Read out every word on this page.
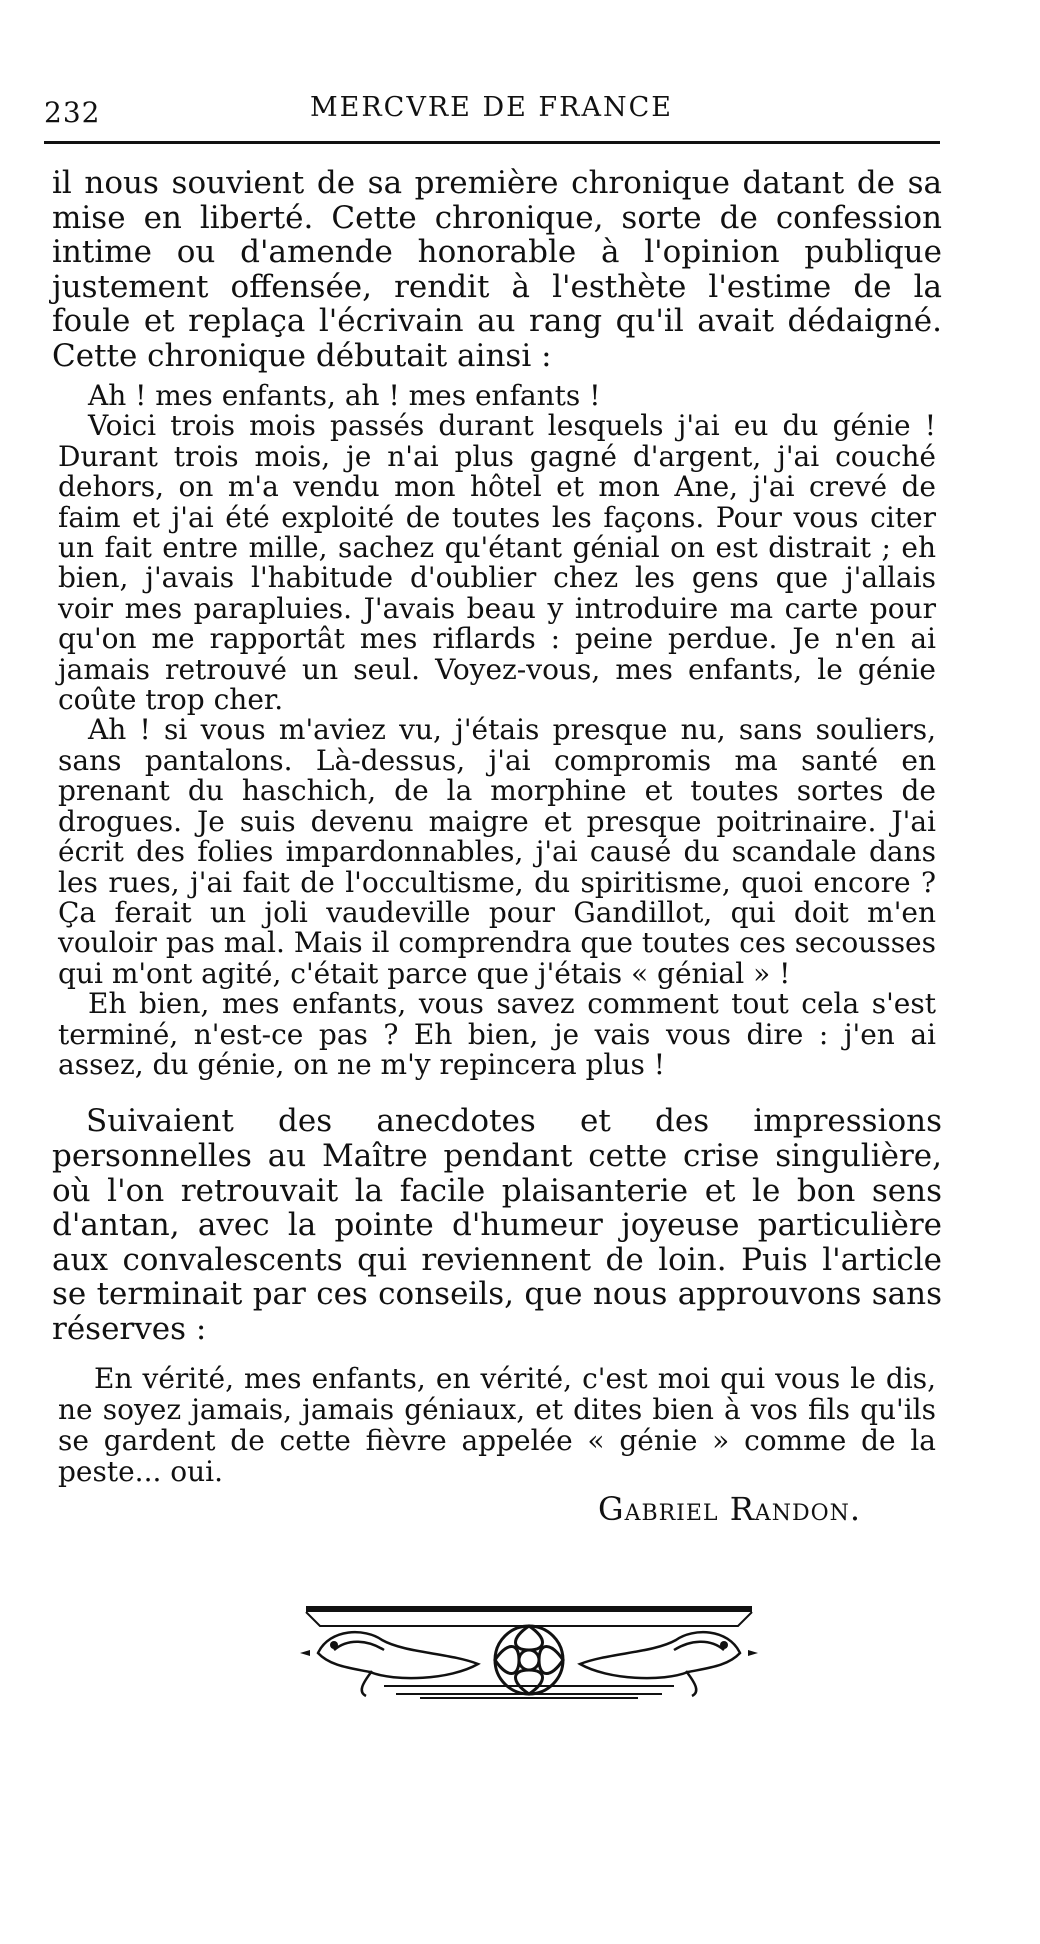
232	MERCVRE DE FRANCE

il nous souvient de sa première chronique datant de sa mise en liberté. Cette chronique, sorte de confession intime ou d'amende honorable à l'opinion publique justement offensée, rendit à l'esthète l'estime de la foule et replaça l'écrivain au rang qu'il avait dédaigné. Cette chronique débutait ainsi :

Ah ! mes enfants, ah ! mes enfants !

Voici trois mois passés durant lesquels j'ai eu du génie ! Durant trois mois, je n'ai plus gagné d'argent, j'ai couché dehors, on m'a vendu mon hôtel et mon Ane, j'ai crevé de faim et j'ai été exploité de toutes les façons. Pour vous citer un fait entre mille, sachez qu'étant génial on est distrait ; eh bien, j'avais l'habitude d'oublier chez les gens que j'allais voir mes parapluies. J'avais beau y introduire ma carte pour qu'on me rapportât mes riflards : peine perdue. Je n'en ai jamais retrouvé un seul. Voyez-vous, mes enfants, le génie coûte trop cher.

Ah ! si vous m'aviez vu, j'étais presque nu, sans souliers, sans pantalons. Là-dessus, j'ai compromis ma santé en prenant du haschich, de la morphine et toutes sortes de drogues. Je suis devenu maigre et presque poitrinaire. J'ai écrit des folies impardonnables, j'ai causé du scandale dans les rues, j'ai fait de l'occultisme, du spiritisme, quoi encore ? Ça ferait un joli vaudeville pour Gandillot, qui doit m'en vouloir pas mal. Mais il comprendra que toutes ces secousses qui m'ont agité, c'était parce que j'étais « génial » !

Eh bien, mes enfants, vous savez comment tout cela s'est terminé, n'est-ce pas ? Eh bien, je vais vous dire : j'en ai assez, du génie, on ne m'y repincera plus !

Suivaient des anecdotes et des impressions personnelles au Maître pendant cette crise singulière, où l'on retrouvait la facile plaisanterie et le bon sens d'antan, avec la pointe d'humeur joyeuse particulière aux convalescents qui reviennent de loin. Puis l'article se terminait par ces conseils, que nous approuvons sans réserves :

En vérité, mes enfants, en vérité, c'est moi qui vous le dis, ne soyez jamais, jamais géniaux, et dites bien à vos fils qu'ils se gardent de cette fièvre appelée « génie » comme de la peste... oui.

Gabriel Randon.
